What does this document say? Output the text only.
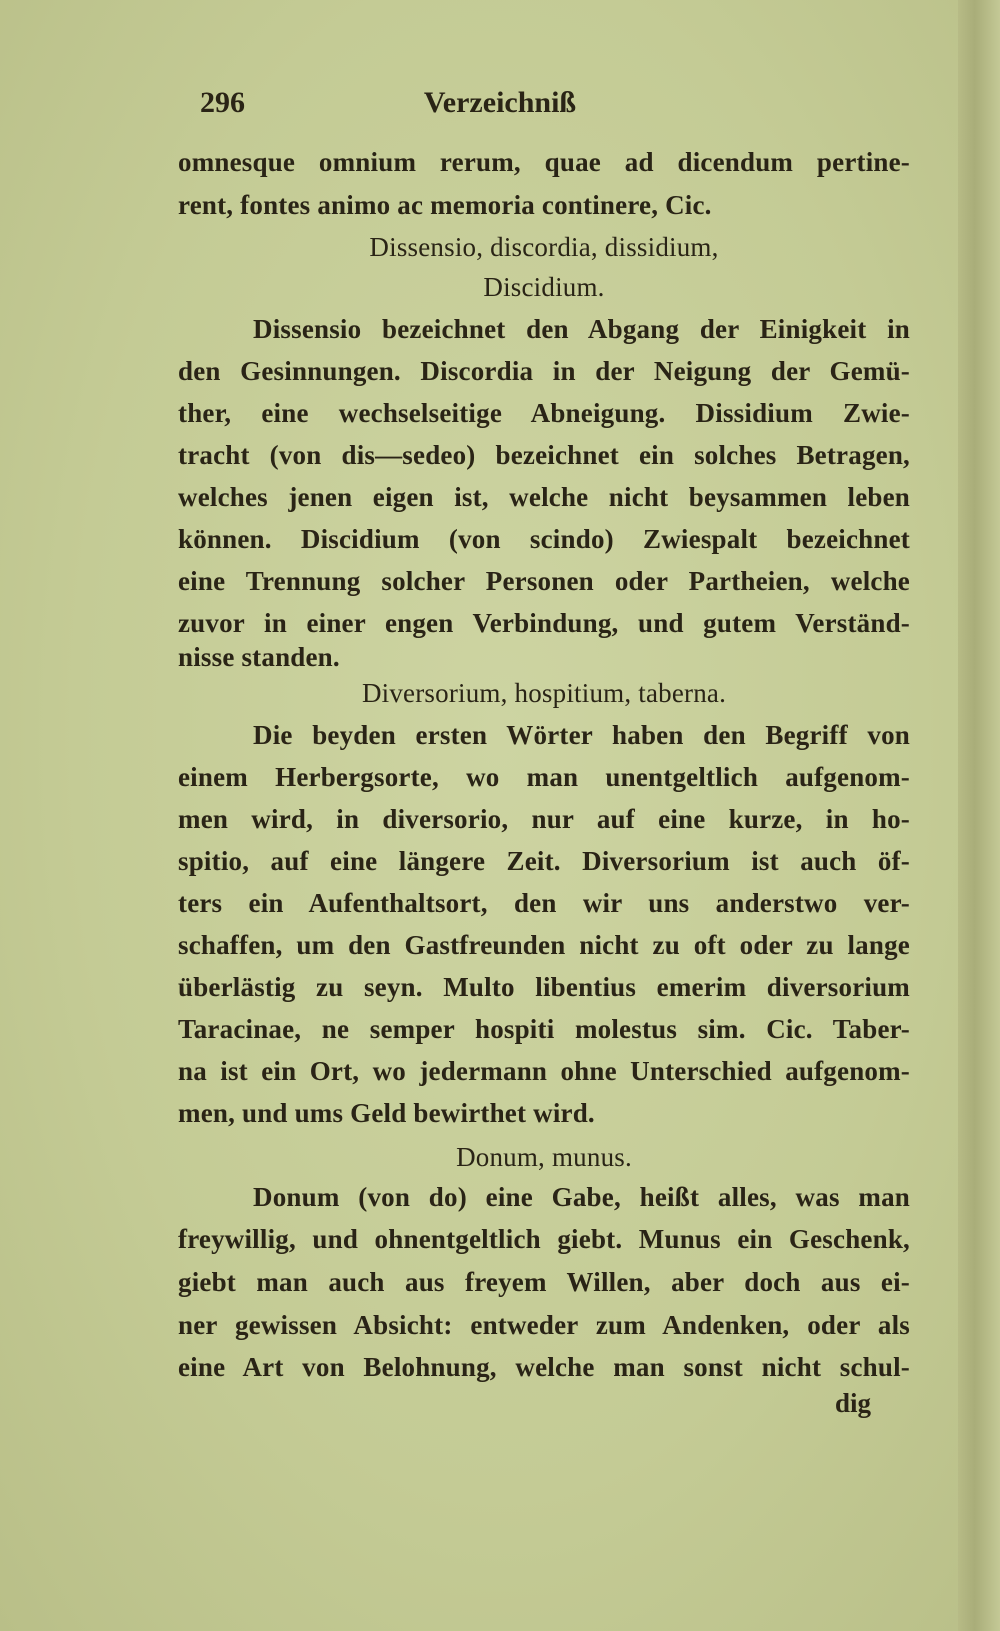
296	Verzeichniß
omnesque omnium rerum, quae ad dicendum pertine-
rent, fontes animo ac memoria continere, Cic.
Dissensio, discordia, dissidium,
Discidium.
Dissensio bezeichnet den Abgang der Einigkeit in
den Gesinnungen. Discordia in der Neigung der Gemü-
ther, eine wechselseitige Abneigung. Dissidium Zwie-
tracht (von dis—sedeo) bezeichnet ein solches Betragen,
welches jenen eigen ist, welche nicht beysammen leben
können. Discidium (von scindo) Zwiespalt bezeichnet
eine Trennung solcher Personen oder Partheien, welche
zuvor in einer engen Verbindung, und gutem Verständ-
nisse standen.
Diversorium, hospitium, taberna.
Die beyden ersten Wörter haben den Begriff von
einem Herbergsorte, wo man unentgeltlich aufgenom-
men wird, in diversorio, nur auf eine kurze, in ho-
spitio, auf eine längere Zeit. Diversorium ist auch öf-
ters ein Aufenthaltsort, den wir uns anderstwo ver-
schaffen, um den Gastfreunden nicht zu oft oder zu lange
überlästig zu seyn. Multo libentius emerim diversorium
Taracinae, ne semper hospiti molestus sim. Cic. Taber-
na ist ein Ort, wo jedermann ohne Unterschied aufgenom-
men, und ums Geld bewirthet wird.
Donum, munus.
Donum (von do) eine Gabe, heißt alles, was man
freywillig, und ohnentgeltlich giebt. Munus ein Geschenk,
giebt man auch aus freyem Willen, aber doch aus ei-
ner gewissen Absicht: entweder zum Andenken, oder als
eine Art von Belohnung, welche man sonst nicht schul-
dig
